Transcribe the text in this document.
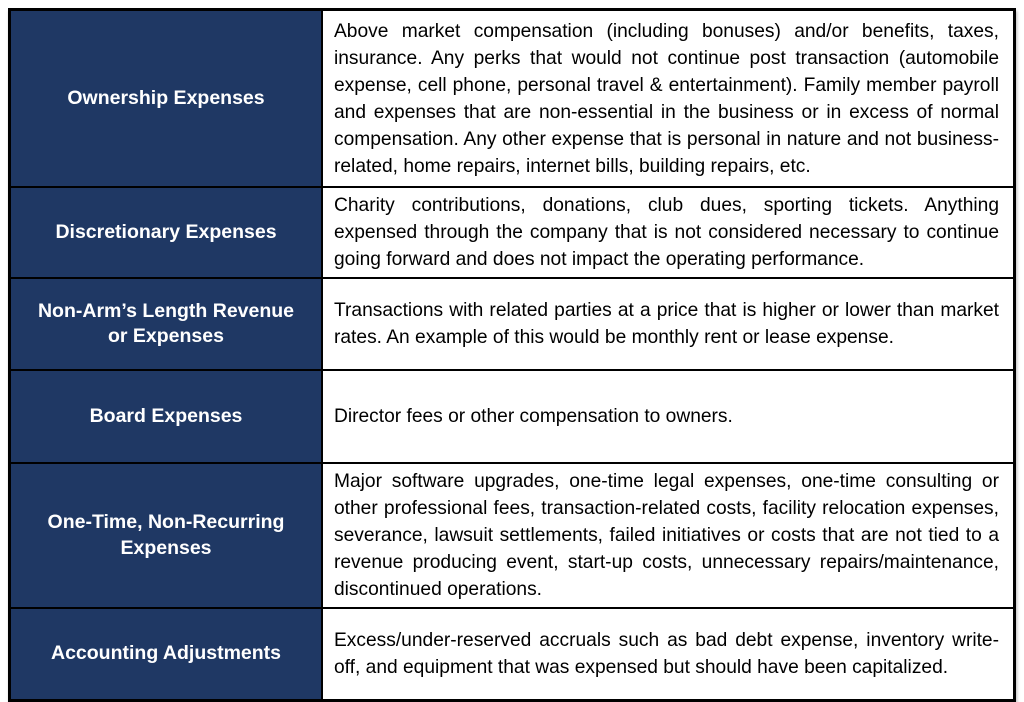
Ownership Expenses
Above market compensation (including bonuses) and/or benefits, taxes, insurance. Any perks that would not continue post transaction (automobile expense, cell phone, personal travel & entertainment). Family member payroll and expenses that are non-essential in the business or in excess of normal compensation. Any other expense that is personal in nature and not business-related, home repairs, internet bills, building repairs, etc.
Discretionary Expenses
Charity contributions, donations, club dues, sporting tickets. Anything expensed through the company that is not considered necessary to continue going forward and does not impact the operating performance.
Non-Arm’s Length Revenue or Expenses
Transactions with related parties at a price that is higher or lower than market rates. An example of this would be monthly rent or lease expense.
Board Expenses	Director fees or other compensation to owners.
One-Time, Non-Recurring Expenses
Major software upgrades, one-time legal expenses, one-time consulting or other professional fees, transaction-related costs, facility relocation expenses, severance, lawsuit settlements, failed initiatives or costs that are not tied to a revenue producing event, start-up costs, unnecessary repairs/maintenance, discontinued operations.
Accounting Adjustments
Excess/under-reserved accruals such as bad debt expense, inventory write-off, and equipment that was expensed but should have been capitalized.
